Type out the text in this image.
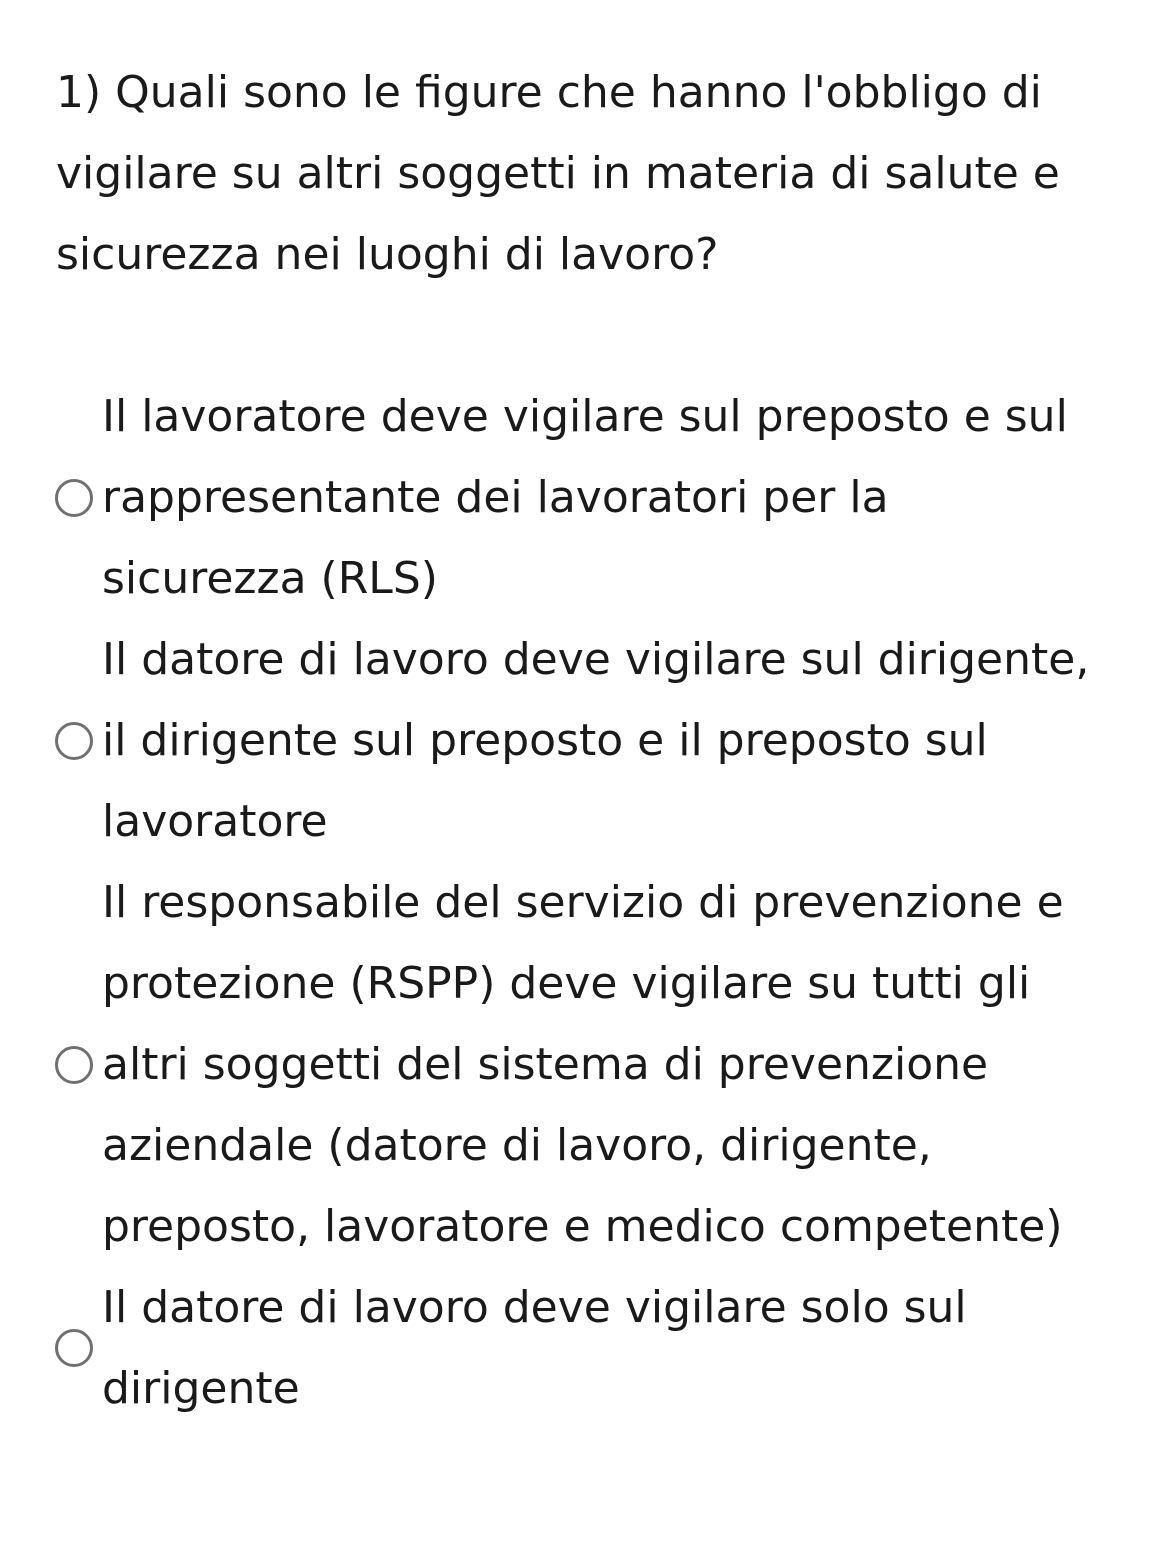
1) Quali sono le figure che hanno l'obbligo di vigilare su altri soggetti in materia di salute e sicurezza nei luoghi di lavoro?
Il lavoratore deve vigilare sul preposto e sul rappresentante dei lavoratori per la sicurezza (RLS)
Il datore di lavoro deve vigilare sul dirigente, il dirigente sul preposto e il preposto sul lavoratore
Il responsabile del servizio di prevenzione e protezione (RSPP) deve vigilare su tutti gli altri soggetti del sistema di prevenzione aziendale (datore di lavoro, dirigente, preposto, lavoratore e medico competente)
Il datore di lavoro deve vigilare solo sul dirigente
